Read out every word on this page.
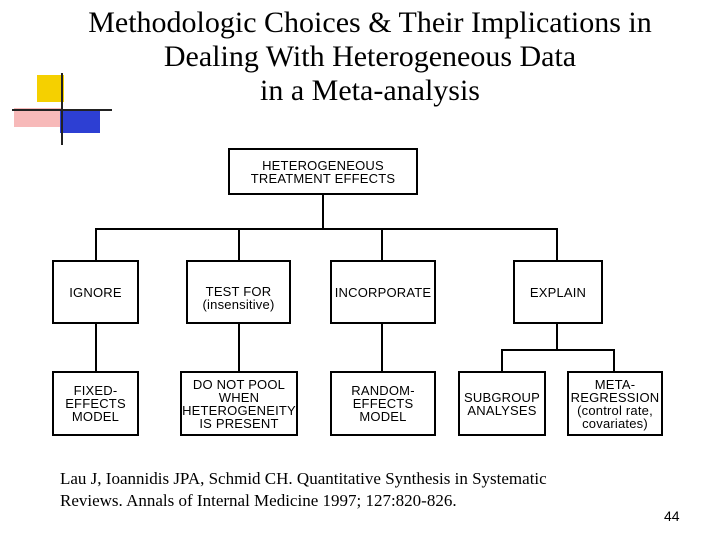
Methodologic Choices & Their Implications in
Dealing With Heterogeneous Data
in a Meta-analysis
HETEROGENEOUS
TREATMENT EFFECTS
IGNORE	TEST FOR
(insensitive)
INCORPORATE	EXPLAIN
FIXED-
EFFECTS
MODEL
DO NOT POOL
WHEN
HETEROGENEITY
IS PRESENT
RANDOM-
EFFECTS
MODEL
SUBGROUP
ANALYSES
META-
REGRESSION
(control rate,
covariates)
Lau J, Ioannidis JPA, Schmid CH. Quantitative Synthesis in Systematic
Reviews. Annals of Internal Medicine 1997; 127:820-826.
44
